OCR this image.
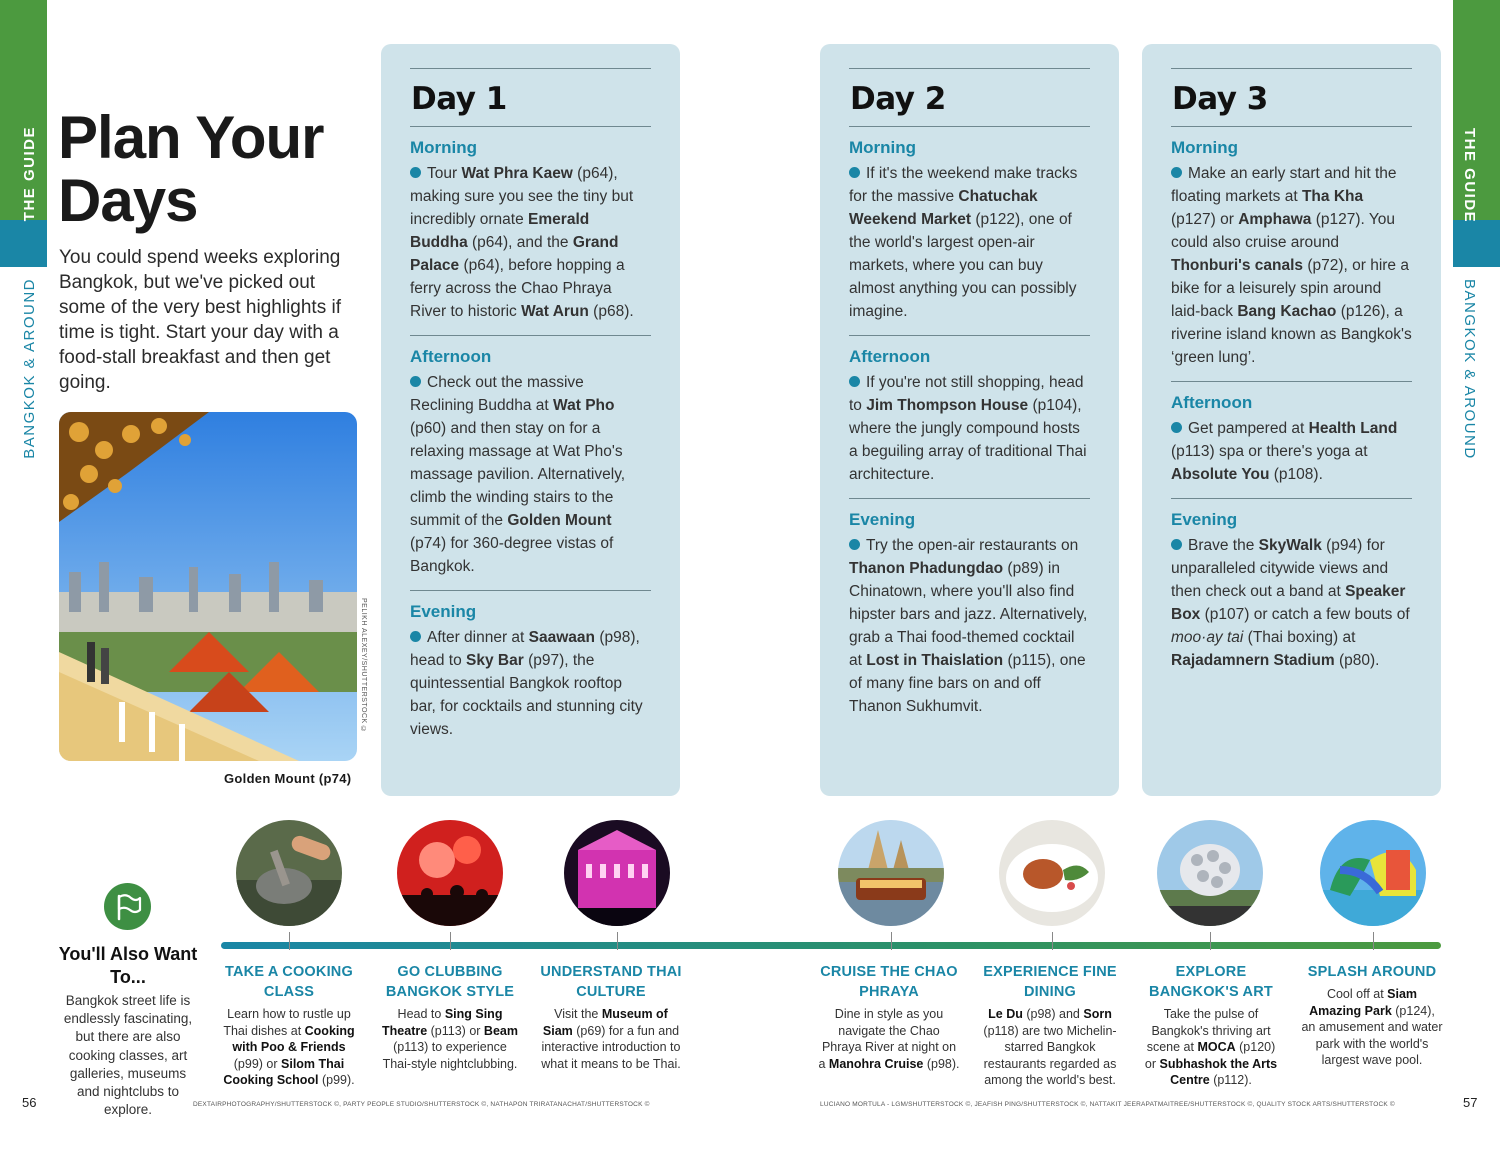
THE GUIDE
BANGKOK & AROUND
THE GUIDE
BANGKOK & AROUND
Plan Your
Days

You could spend weeks exploring Bangkok, but we've picked out some of the very best highlights if time is tight. Start your day with a food-stall breakfast and then get going.

PELIKH ALEXEY/SHUTTERSTOCK ©
Golden Mount (p74)
Day 1
Morning
Tour Wat Phra Kaew (p64), making sure you see the tiny but incredibly ornate Emerald Buddha (p64), and the Grand Palace (p64), before hopping a ferry across the Chao Phraya River to historic Wat Arun (p68).
Afternoon
Check out the massive Reclining Buddha at Wat Pho (p60) and then stay on for a relaxing massage at Wat Pho's massage pavilion. Alternatively, climb the winding stairs to the summit of the Golden Mount (p74) for 360-degree vistas of Bangkok.
Evening
After dinner at Saawaan (p98), head to Sky Bar (p97), the quintessential Bangkok rooftop bar, for cocktails and stunning city views.
Day 2
Morning
If it's the weekend make tracks for the massive Chatuchak Weekend Market (p122), one of the world's largest open-air markets, where you can buy almost anything you can possibly imagine.
Afternoon
If you're not still shopping, head to Jim Thompson House (p104), where the jungly compound hosts a beguiling array of traditional Thai architecture.
Evening
Try the open-air restaurants on Thanon Phadungdao (p89) in Chinatown, where you'll also find hipster bars and jazz. Alternatively, grab a Thai food-themed cocktail at Lost in Thaislation (p115), one of many fine bars on and off Thanon Sukhumvit.
Day 3
Morning
Make an early start and hit the floating markets at Tha Kha (p127) or Amphawa (p127). You could also cruise around Thonburi's canals (p72), or hire a bike for a leisurely spin around laid-back Bang Kachao (p126), a riverine island known as Bangkok's ‘green lung’.
Afternoon
Get pampered at Health Land (p113) spa or there's yoga at Absolute You (p108).
Evening
Brave the SkyWalk (p94) for unparalleled citywide views and then check out a band at Speaker Box (p107) or catch a few bouts of moo·ay tai (Thai boxing) at Rajadamnern Stadium (p80).
You'll Also Want To...
Bangkok street life is endlessly fascinating, but there are also cooking classes, art galleries, museums and nightclubs to explore.
TAKE A COOKING CLASS
Learn how to rustle up Thai dishes at Cooking with Poo & Friends (p99) or Silom Thai Cooking School (p99).
GO CLUBBING BANGKOK STYLE
Head to Sing Sing Theatre (p113) or Beam (p113) to experience Thai-style nightclubbing.
UNDERSTAND THAI CULTURE
Visit the Museum of Siam (p69) for a fun and interactive introduction to what it means to be Thai.
CRUISE THE CHAO PHRAYA
Dine in style as you navigate the Chao Phraya River at night on a Manohra Cruise (p98).
EXPERIENCE FINE DINING
Le Du (p98) and Sorn (p118) are two Michelin-starred Bangkok restaurants regarded as among the world's best.
EXPLORE BANGKOK'S ART
Take the pulse of Bangkok's thriving art scene at MOCA (p120) or Subhashok the Arts Centre (p112).
SPLASH AROUND
Cool off at Siam Amazing Park (p124), an amusement and water park with the world's largest wave pool.
56	57
DEXTAIRPHOTOGRAPHY/SHUTTERSTOCK ©, PARTY PEOPLE STUDIO/SHUTTERSTOCK ©, NATHAPON TRIRATANACHAT/SHUTTERSTOCK ©	LUCIANO MORTULA - LGM/SHUTTERSTOCK ©, JEAFISH PING/SHUTTERSTOCK ©, NATTAKIT JEERAPATMAITREE/SHUTTERSTOCK ©, QUALITY STOCK ARTS/SHUTTERSTOCK ©
